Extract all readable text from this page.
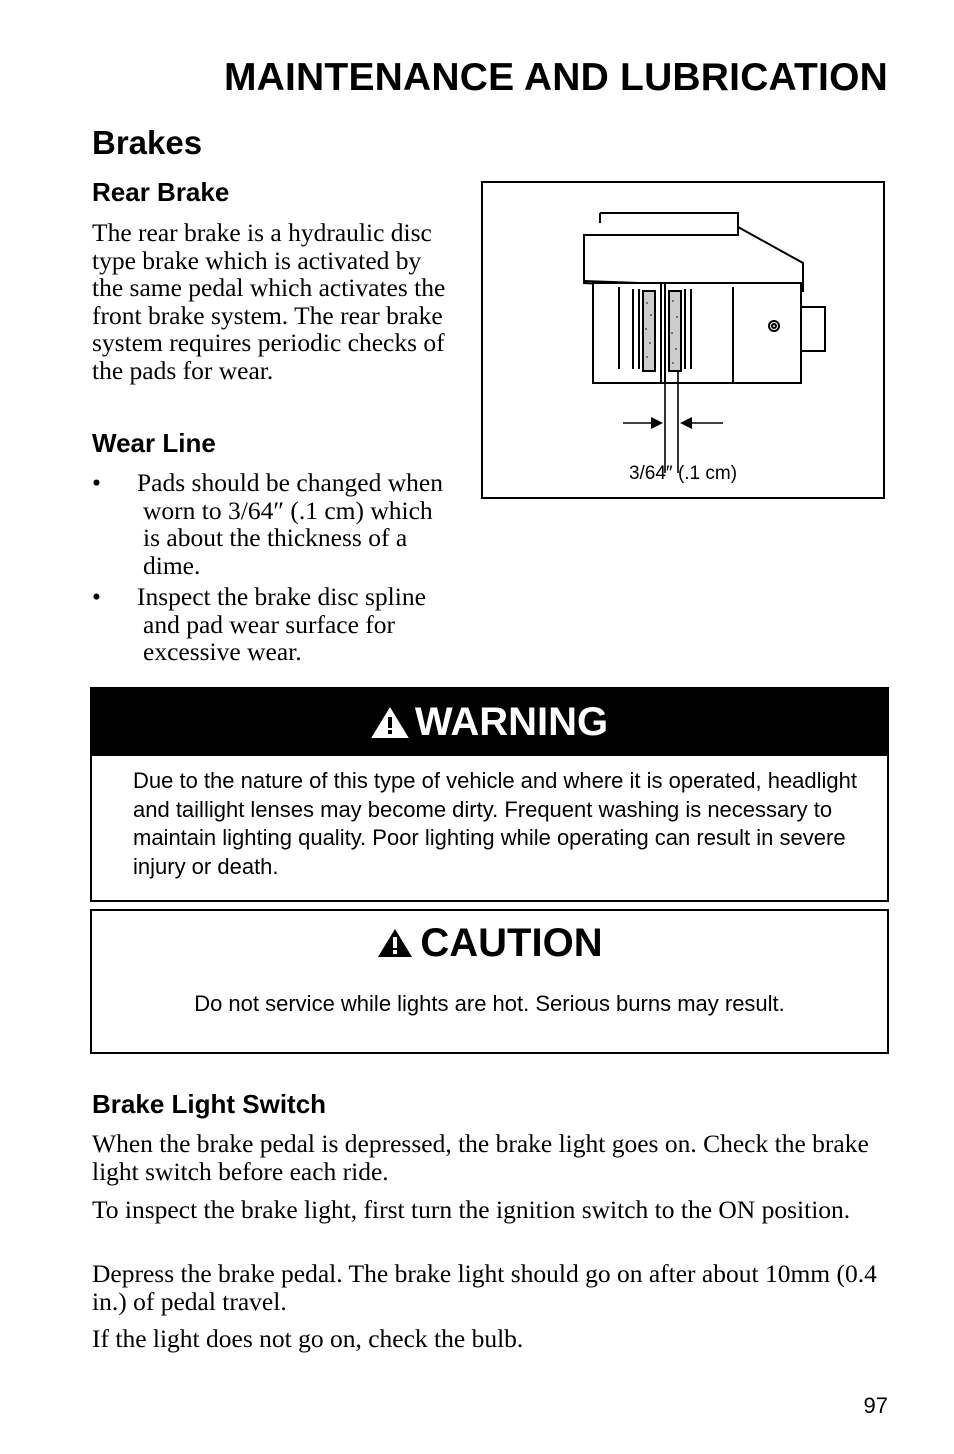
MAINTENANCE AND LUBRICATION
Brakes
Rear Brake
The rear brake is a hydraulic disc type brake which is activated by the same pedal which activates the front brake system. The rear brake system requires periodic checks of the pads for wear.
Wear Line
• Pads should be changed when worn to 3/64″ (.1 cm) which is about the thickness of a dime.
• Inspect the brake disc spline and pad wear surface for excessive wear.
3/64″ (.1 cm)
WARNING
Due to the nature of this type of vehicle and where it is operated, headlight and taillight lenses may become dirty. Frequent washing is necessary to maintain lighting quality. Poor lighting while operating can result in severe injury or death.
CAUTION
Do not service while lights are hot. Serious burns may result.
Brake Light Switch
When the brake pedal is depressed, the brake light goes on. Check the brake light switch before each ride.
To inspect the brake light, first turn the ignition switch to the ON position.
Depress the brake pedal. The brake light should go on after about 10mm (0.4 in.) of pedal travel.
If the light does not go on, check the bulb.
97
